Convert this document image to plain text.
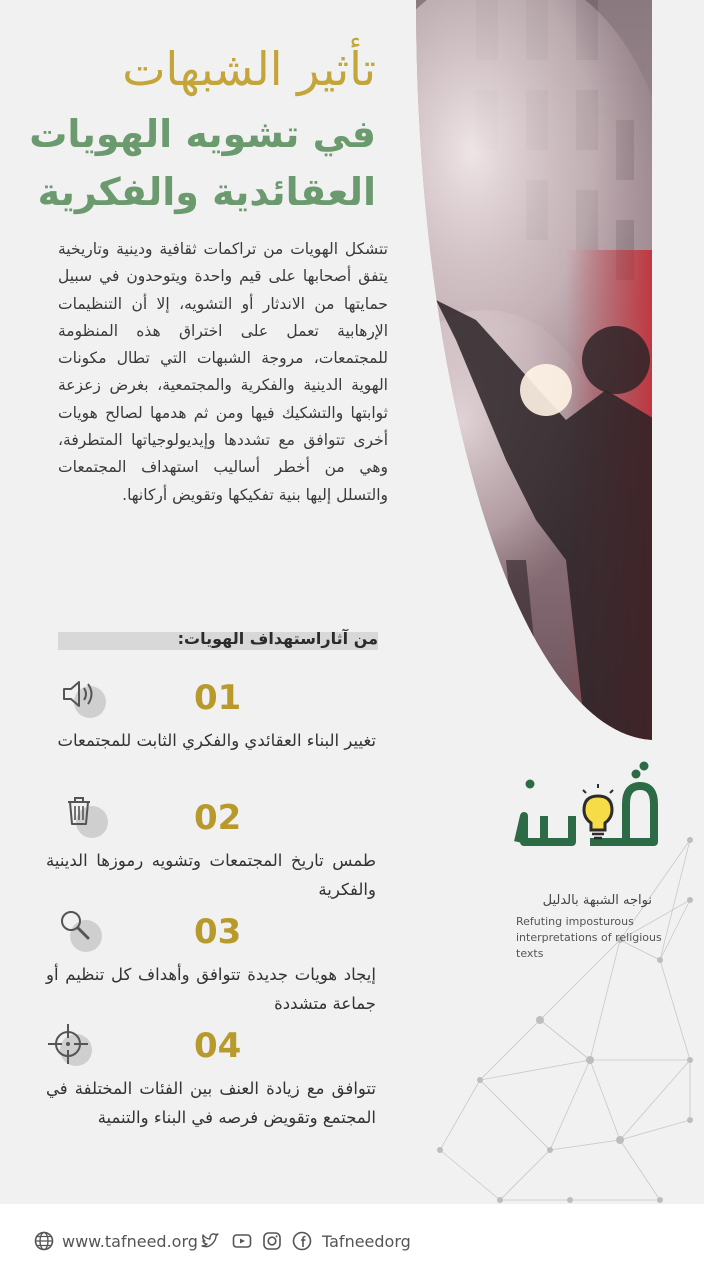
تأثير الشبهات
في تشويه الهويات
العقائدية والفكرية

تتشكل الهويات من تراكمات ثقافية ودينية وتاريخية يتفق أصحابها على قيم واحدة ويتوحدون في سبيل حمايتها من الاندثار أو التشويه، إلا أن التنظيمات الإرهابية تعمل على اختراق هذه المنظومة للمجتمعات، مروجة الشبهات التي تطال مكونات الهوية الدينية والفكرية والمجتمعية، بغرض زعزعة ثوابتها والتشكيك فيها ومن ثم هدمها لصالح هويات أخرى تتوافق مع تشددها وإيديولوجياتها المتطرفة، وهي من أخطر أساليب استهداف المجتمعات والتسلل إليها بنية تفكيكها وتقويض أركانها.

من آثاراستهداف الهويات:
01

تغيير البناء العقائدي والفكري الثابت للمجتمعات

02

طمس تاريخ المجتمعات وتشويه رموزها الدينية والفكرية

03

إيجاد هويات جديدة تتوافق وأهداف كل تنظيم أو جماعة متشددة

04

تتوافق مع زيادة العنف بين الفئات المختلفة في المجتمع وتقويض فرصه في البناء والتنمية

نواجه الشبهة بالدليل

Refuting imposturous interpretations of religious texts

www.tafneed.org	Tafneedorg
